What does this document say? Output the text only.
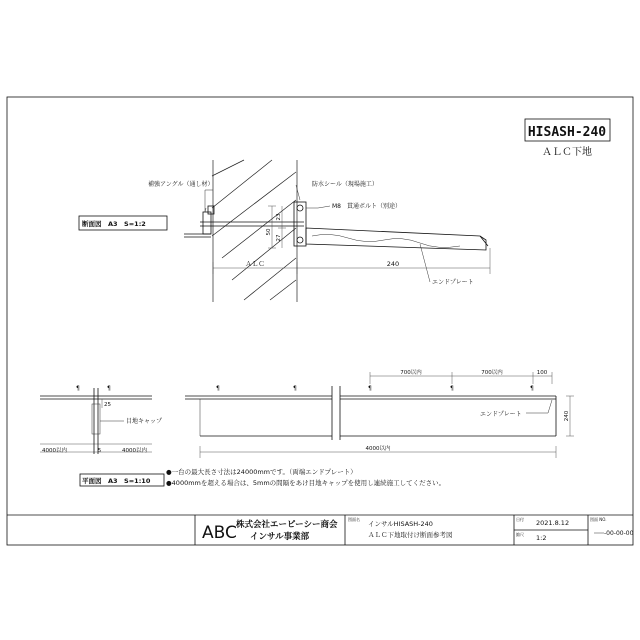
HISASH-240
ＡＬＣ下地
補強アングル（通し材）	防水シール（現場施工）
M8　貫通ボルト（別途）
エンドプレート
50
27
23
ＡＬＣ	240
断面図　A3　S=1:2
¶	¶
25
目地キャップ
5
4000以内	4000以内
平面図　A3　S=1:10
¶	¶	¶	¶	¶
700以内	700以内	100
エンドプレート	240
4000以内
●一台の最大長さ寸法は24000mmです。（両端エンドプレート）
●4000mmを超える場合は、5mmの間隔をあけ目地キャップを使用し連続施工してください。
ABC 株式会社エーピーシー商会
インサル事業部
図面名
インサルHISASH-240
ＡＬＣ下地取付け断面参考図
日付 2021.8.12
縮尺 1:2
図面 NO.
-00-00-00
